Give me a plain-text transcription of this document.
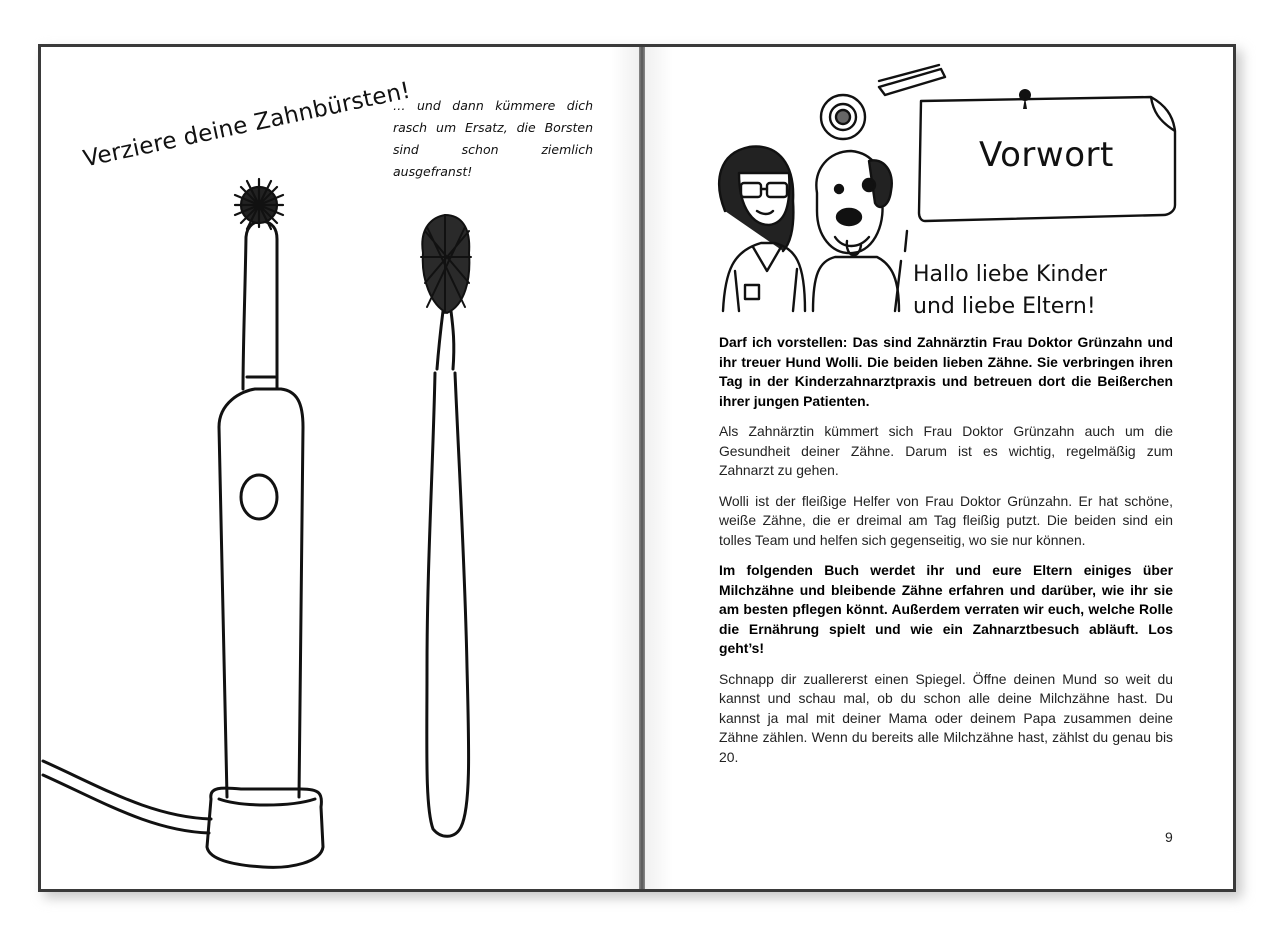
Verziere deine Zahnbürsten!
… und dann kümmere dich rasch um Ersatz, die Borsten sind schon ziemlich ausgefranst!	Vorwort
Hallo liebe Kinder
und liebe Eltern!

Darf ich vorstellen: Das sind Zahnärztin Frau Doktor Grünzahn und ihr treuer Hund Wolli. Die beiden lieben Zähne. Sie verbringen ihren Tag in der Kinderzahnarztpraxis und betreuen dort die Beißerchen ihrer jungen Patienten.

Als Zahnärztin kümmert sich Frau Doktor Grünzahn auch um die Gesundheit deiner Zähne. Darum ist es wichtig, regelmäßig zum Zahnarzt zu gehen.

Wolli ist der fleißige Helfer von Frau Doktor Grünzahn. Er hat schöne, weiße Zähne, die er dreimal am Tag fleißig putzt. Die beiden sind ein tolles Team und helfen sich gegenseitig, wo sie nur können.

Im folgenden Buch werdet ihr und eure Eltern einiges über Milchzähne und bleibende Zähne erfahren und darüber, wie ihr sie am besten pflegen könnt. Außerdem verraten wir euch, welche Rolle die Ernährung spielt und wie ein Zahnarztbesuch abläuft. Los geht’s!

Schnapp dir zuallererst einen Spiegel. Öffne deinen Mund so weit du kannst und schau mal, ob du schon alle deine Milchzähne hast. Du kannst ja mal mit deiner Mama oder deinem Papa zusammen deine Zähne zählen. Wenn du bereits alle Milchzähne hast, zählst du genau bis 20.

9
